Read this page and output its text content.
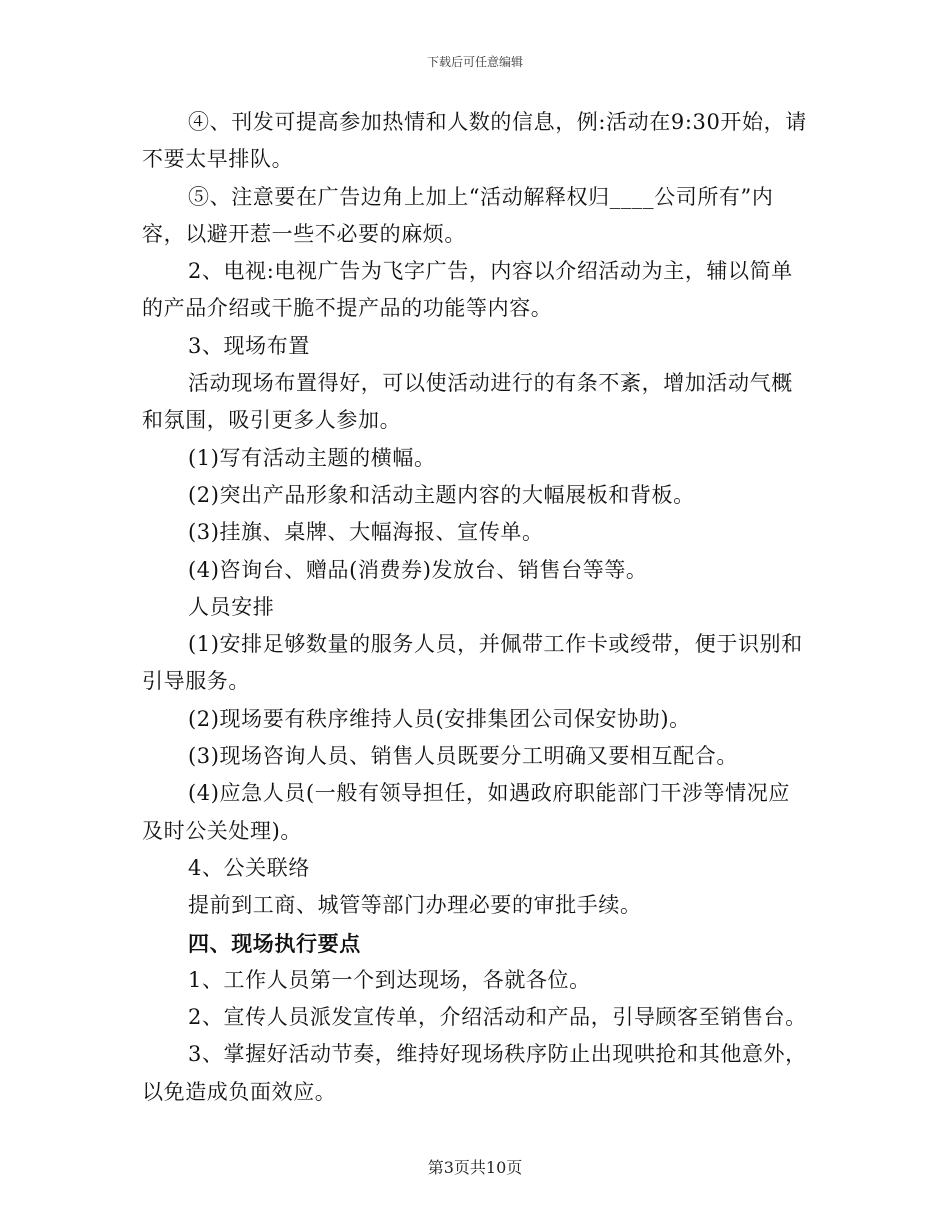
下载后可任意编辑

④、刊发可提高参加热情和人数的信息，例:活动在9:30开始，请不要太早排队。

⑤、注意要在广告边角上加上“活动解释权归____公司所有”内容，以避开惹一些不必要的麻烦。

2、电视:电视广告为飞字广告，内容以介绍活动为主，辅以简单的产品介绍或干脆不提产品的功能等内容。

3、现场布置

活动现场布置得好，可以使活动进行的有条不紊，增加活动气概和氛围，吸引更多人参加。

(1)写有活动主题的横幅。

(2)突出产品形象和活动主题内容的大幅展板和背板。

(3)挂旗、桌牌、大幅海报、宣传单。

(4)咨询台、赠品(消费券)发放台、销售台等等。

人员安排

(1)安排足够数量的服务人员，并佩带工作卡或绶带，便于识别和引导服务。

(2)现场要有秩序维持人员(安排集团公司保安协助)。

(3)现场咨询人员、销售人员既要分工明确又要相互配合。

(4)应急人员(一般有领导担任，如遇政府职能部门干涉等情况应及时公关处理)。

4、公关联络

提前到工商、城管等部门办理必要的审批手续。

四、现场执行要点

1、工作人员第一个到达现场，各就各位。

2、宣传人员派发宣传单，介绍活动和产品，引导顾客至销售台。

3、掌握好活动节奏，维持好现场秩序防止出现哄抢和其他意外，以免造成负面效应。

第3页共10页
